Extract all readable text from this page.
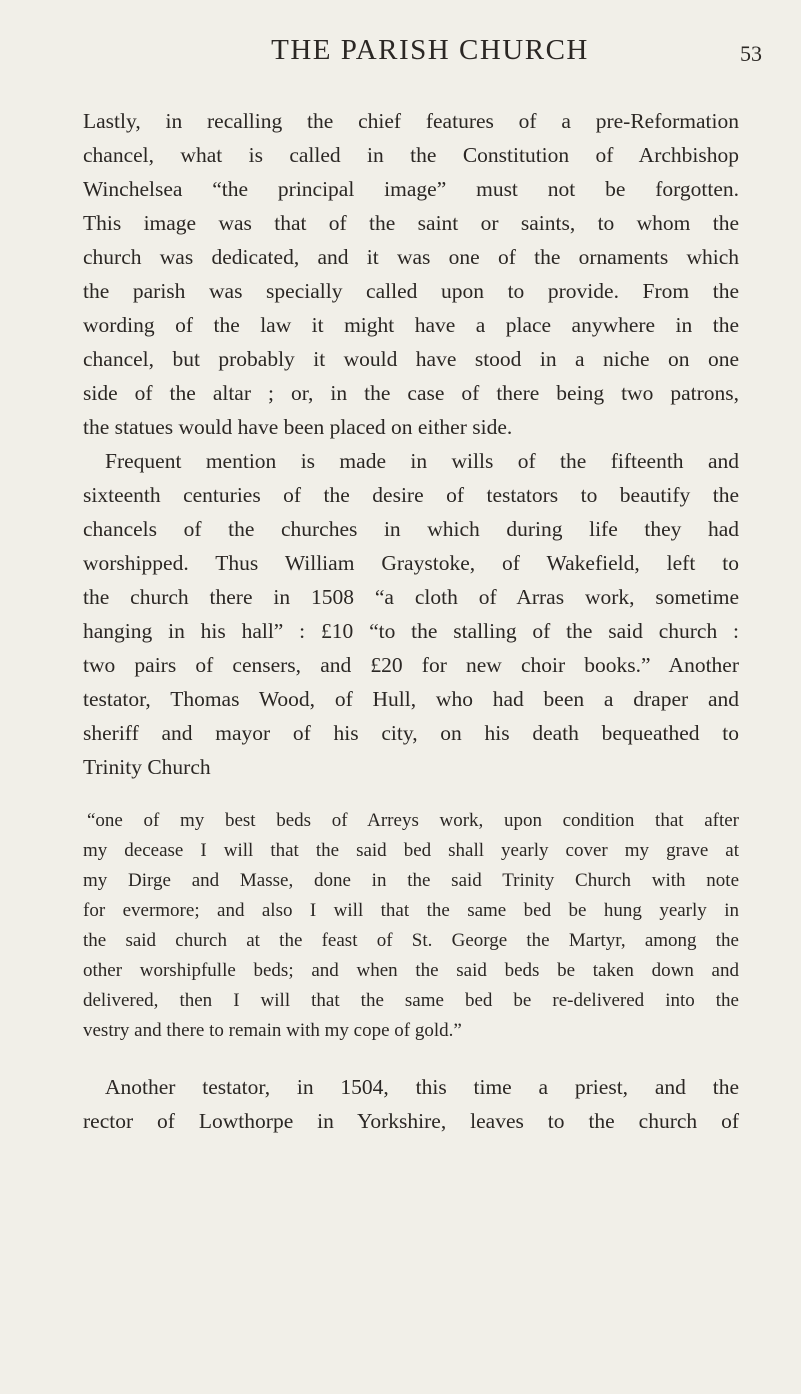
THE PARISH CHURCH	53
Lastly, in recalling the chief features of a pre-Reformation
chancel, what is called in the Constitution of Archbishop
Winchelsea “the principal image” must not be forgotten.
This image was that of the saint or saints, to whom the
church was dedicated, and it was one of the ornaments which
the parish was specially called upon to provide. From the
wording of the law it might have a place anywhere in the
chancel, but probably it would have stood in a niche on one
side of the altar ; or, in the case of there being two patrons,
the statues would have been placed on either side.
Frequent mention is made in wills of the fifteenth and
sixteenth centuries of the desire of testators to beautify the
chancels of the churches in which during life they had
worshipped. Thus William Graystoke, of Wakefield, left to
the church there in 1508 “a cloth of Arras work, sometime
hanging in his hall” : £10 “to the stalling of the said church :
two pairs of censers, and £20 for new choir books.” Another
testator, Thomas Wood, of Hull, who had been a draper and
sheriff and mayor of his city, on his death bequeathed to
Trinity Church
“one of my best beds of Arreys work, upon condition that after
my decease I will that the said bed shall yearly cover my grave at
my Dirge and Masse, done in the said Trinity Church with note
for evermore; and also I will that the same bed be hung yearly in
the said church at the feast of St. George the Martyr, among the
other worshipfulle beds; and when the said beds be taken down and
delivered, then I will that the same bed be re-delivered into the
vestry and there to remain with my cope of gold.”
Another testator, in 1504, this time a priest, and the
rector of Lowthorpe in Yorkshire, leaves to the church of
